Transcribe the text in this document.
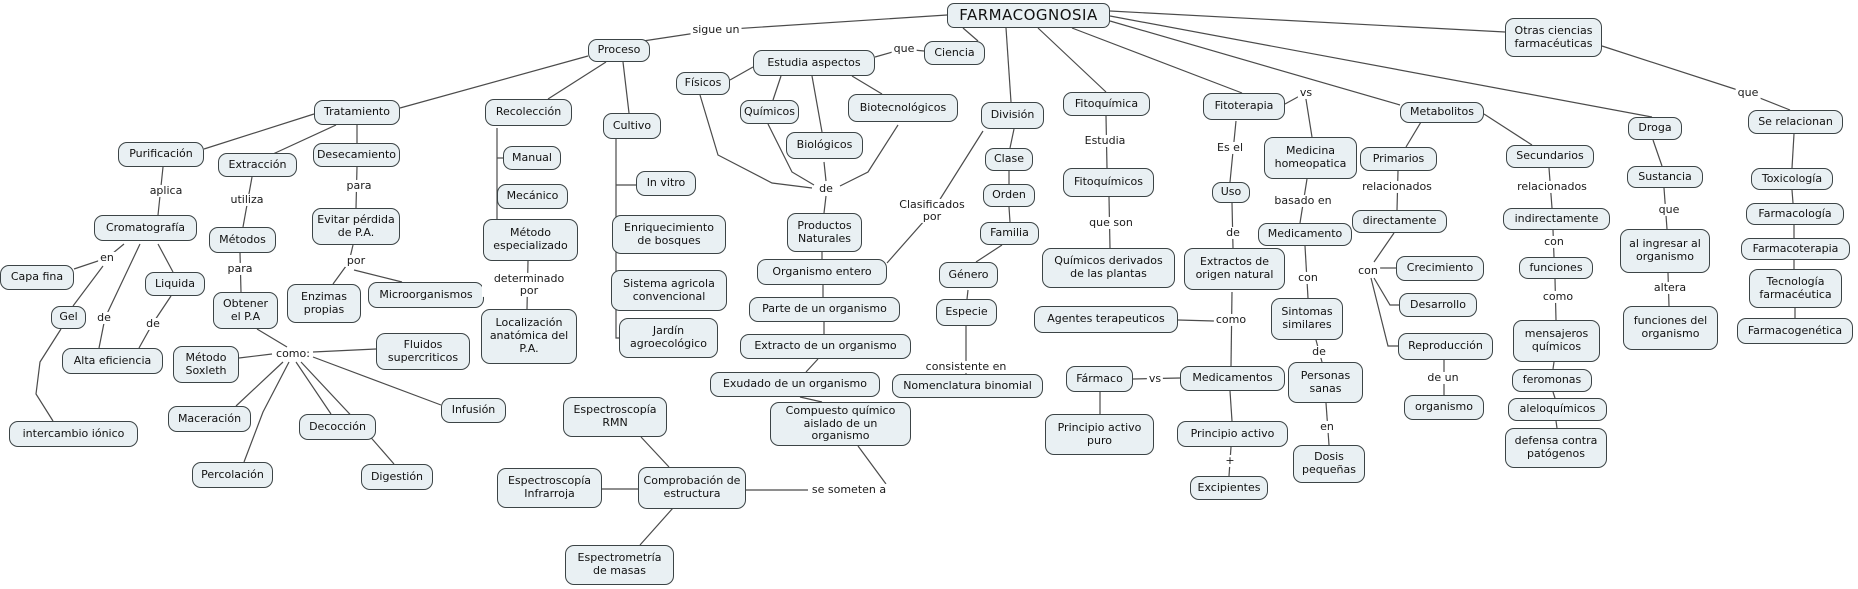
FARMACOGNOSIA
Proceso	Ciencia
Estudia aspectos
Otras ciencias farmacéuticas
Físicos
Químicos	Biotecnológicos
Biológicos
Tratamiento
Purificación
Extracción
Desecamiento
Cromatografía
Capa fina	Liquida
Gel
Alta eficiencia
intercambio iónico
Métodos
Obtener el P.A
Método Soxleth
Maceración
Percolación
Decocción
Digestión
Infusión
Fluidos supercriticos
Evitar pérdida de P.A.
Enzimas propias
Microorganismos
Recolección
Manual
Mecánico
Método especializado
Localización anatómica del P.A.
Cultivo
In vitro
Enriquecimiento de bosques
Sistema agricola convencional
Jardín agroecológico
Productos Naturales
Organismo entero
Parte de un organismo
Extracto de un organismo
Exudado de un organismo	Nomenclatura binomial
Compuesto químico aislado de un organismo
Espectroscopía RMN
Espectroscopía Infrarroja
Comprobación de estructura
Espectrometría de masas
División
Clase
Orden
Familia
Género
Especie
Fitoquímica
Fitoquímicos
Químicos derivados de las plantas
Agentes terapeuticos
Fármaco
Principio activo puro
Medicamentos
Principio activo
Excipientes
Fitoterapia
Uso
Extractos de origen natural
Medicina homeopatica
Medicamento
Sintomas similares
Personas sanas
Dosis pequeñas
Metabolitos
Primarios
directamente
Crecimiento
Desarrollo
Reproducción
organismo
Secundarios
indirectamente
funciones
mensajeros químicos
feromonas
aleloquímicos
defensa contra patógenos
Droga
Sustancia
al ingresar al organismo
funciones del organismo
Se relacionan
Toxicología
Farmacología
Farmacoterapia
Tecnología farmacéutica
Farmacogenética
sigue un
que
de
Clasificados por
consistente en
se someten a
aplica
utiliza
en
de	de
para
como:
para
por
determinado por
Estudia
que son
Es el
de
como
vs
+
vs
basado en
con
de
en
relacionados
con
de un
relacionados
con
como
que
altera
que
